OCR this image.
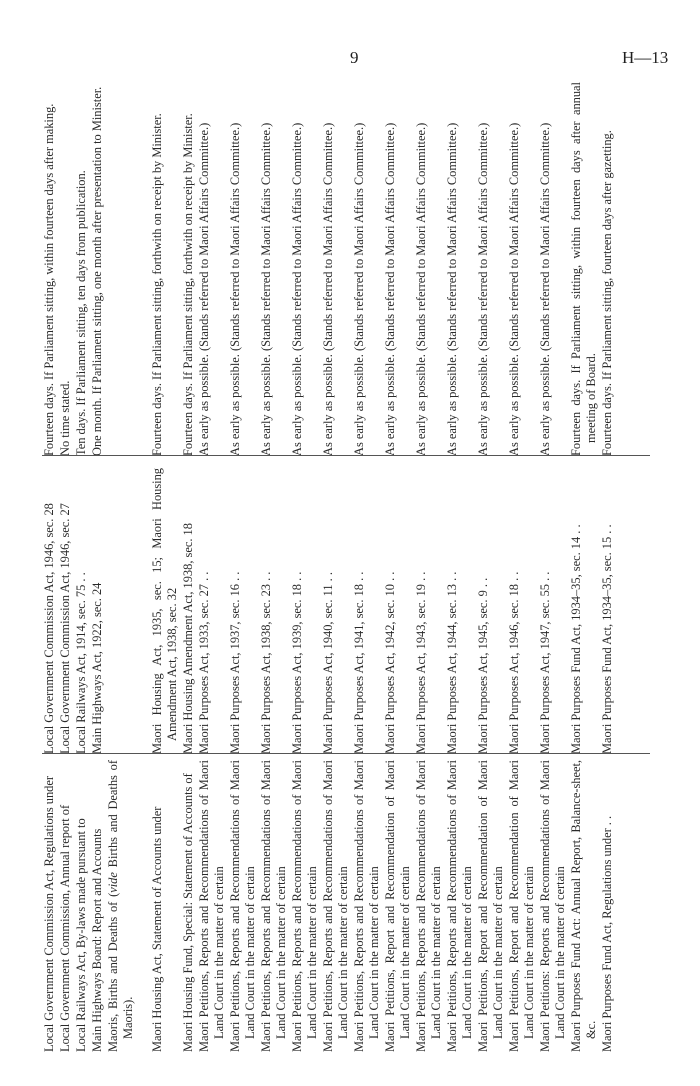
9	H—13
Local Government Commission Act, Regulations under
Local Government Commission Act, 1946, sec. 28
Fourteen days. If Parliament sitting, within fourteen days after making.
Local Government Commission, Annual report of
Local Government Commission Act, 1946, sec. 27
No time stated.
Local Railways Act, By-laws made pursuant to
Local Railways Act, 1914, sec. 75 . .
Ten days. If Parliament sitting, ten days from publication.
Main Highways Board: Report and Accounts
Main Highways Act, 1922, sec. 24
One month. If Parliament sitting, one month after presentation to Minister.
Maoris, Births and Deaths of (vide Births and Deaths of Maoris). Maori Housing Act, Statement of Accounts under
Maori Housing Act, 1935, sec. 15; Maori Housing Amendment Act, 1938, sec. 32
Fourteen days. If Parliament sitting, forthwith on receipt by Minister.
Maori Housing Fund, Special: Statement of Accounts of
Maori Housing Amendment Act, 1938, sec. 18
Fourteen days. If Parliament sitting, forthwith on receipt by Minister.
Maori Petitions, Reports and Recommendations of Maori Land Court in the matter of certain
Maori Purposes Act, 1933, sec. 27 . .
As early as possible. (Stands referred to Maori Affairs Committee.)
Maori Petitions, Reports and Recommendations of Maori Land Court in the matter of certain
Maori Purposes Act, 1937, sec. 16 . .
As early as possible. (Stands referred to Maori Affairs Committee.)
Maori Petitions, Reports and Recommendations of Maori Land Court in the matter of certain
Maori Purposes Act, 1938, sec. 23 . .
As early as possible. (Stands referred to Maori Affairs Committee.)
Maori Petitions, Reports and Recommendations of Maori Land Court in the matter of certain
Maori Purposes Act, 1939, sec. 18 . .
As early as possible. (Stands referred to Maori Affairs Committee.)
Maori Petitions, Reports and Recommendations of Maori Land Court in the matter of certain
Maori Purposes Act, 1940, sec. 11 . .
As early as possible. (Stands referred to Maori Affairs Committee.)
Maori Petitions, Reports and Recommendations of Maori Land Court in the matter of certain
Maori Purposes Act, 1941, sec. 18 . .
As early as possible. (Stands referred to Maori Affairs Committee.)
Maori Petitions, Report and Recommendation of Maori Land Court in the matter of certain
Maori Purposes Act, 1942, sec. 10 . .
As early as possible. (Stands referred to Maori Affairs Committee.)
Maori Petitions, Reports and Recommendations of Maori Land Court in the matter of certain
Maori Purposes Act, 1943, sec. 19 . .
As early as possible. (Stands referred to Maori Affairs Committee.)
Maori Petitions, Reports and Recommendations of Maori Land Court in the matter of certain
Maori Purposes Act, 1944, sec. 13 . .
As early as possible. (Stands referred to Maori Affairs Committee.)
Maori Petitions, Report and Recommendation of Maori Land Court in the matter of certain
Maori Purposes Act, 1945, sec. 9 . .
As early as possible. (Stands referred to Maori Affairs Committee.)
Maori Petitions, Report and Recommendation of Maori Land Court in the matter of certain
Maori Purposes Act, 1946, sec. 18 . .
As early as possible. (Stands referred to Maori Affairs Committee.)
Maori Petitions: Reports and Recommendations of Maori Land Court in the matter of certain
Maori Purposes Act, 1947, sec. 55 . .
As early as possible. (Stands referred to Maori Affairs Committee.)
Maori Purposes Fund Act: Annual Report, Balance-sheet, &c.
Maori Purposes Fund Act, 1934–35, sec. 14 . .
Fourteen days. If Parliament sitting, within fourteen days after annual meeting of Board.
Maori Purposes Fund Act, Regulations under . .
Maori Purposes Fund Act, 1934–35, sec. 15 . .
Fourteen days. If Parliament sitting, fourteen days after gazetting.
